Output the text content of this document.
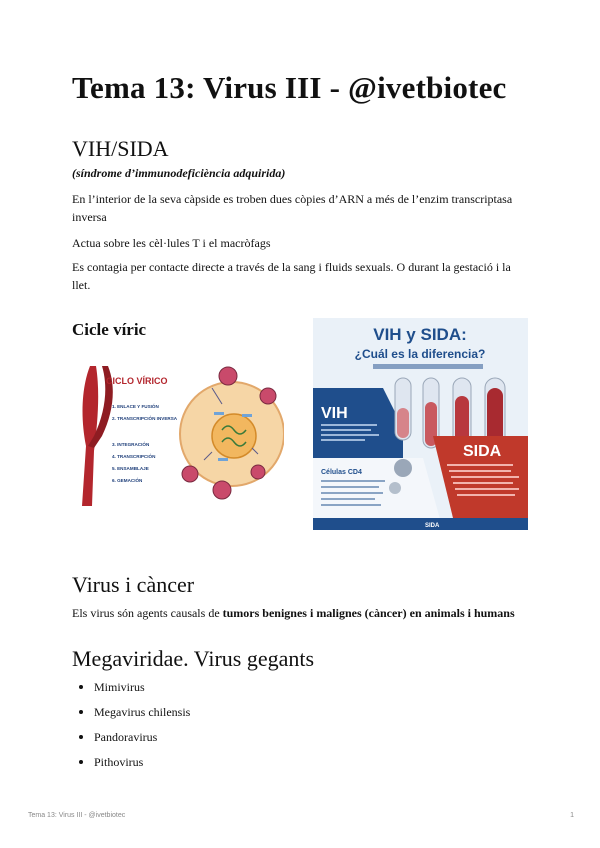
Tema 13: Virus III - @ivetbiotec
VIH/SIDA

(síndrome d’immunodeficiència adquirida)

En l’interior de la seva càpside es troben dues còpies d’ARN a més de l’enzim transcriptasa inversa

Actua sobre les cèl·lules T i el macròfags

Es contagia per contacte directe a través de la sang i fluids sexuals. O durant la gestació i la llet.

Cicle víric
CICLO VÍRICO
1. ENLACE Y FUSIÓN
2. TRANSCRIPCIÓN INVERSA
3. INTEGRACIÓN
4. TRANSCRIPCIÓN
5. ENSAMBLAJE
6. GEMACIÓN
VIH y SIDA:
¿Cuál es la diferencia?
VIH
Células CD4
SIDA
SIDA
Virus i càncer

Els virus són agents causals de tumors benignes i malignes (càncer) en animals i humans

Megaviridae. Virus gegants
Mimivirus
Megavirus chilensis
Pandoravirus
Pithovirus
Tema 13: Virus III - @ivetbiotec	1
